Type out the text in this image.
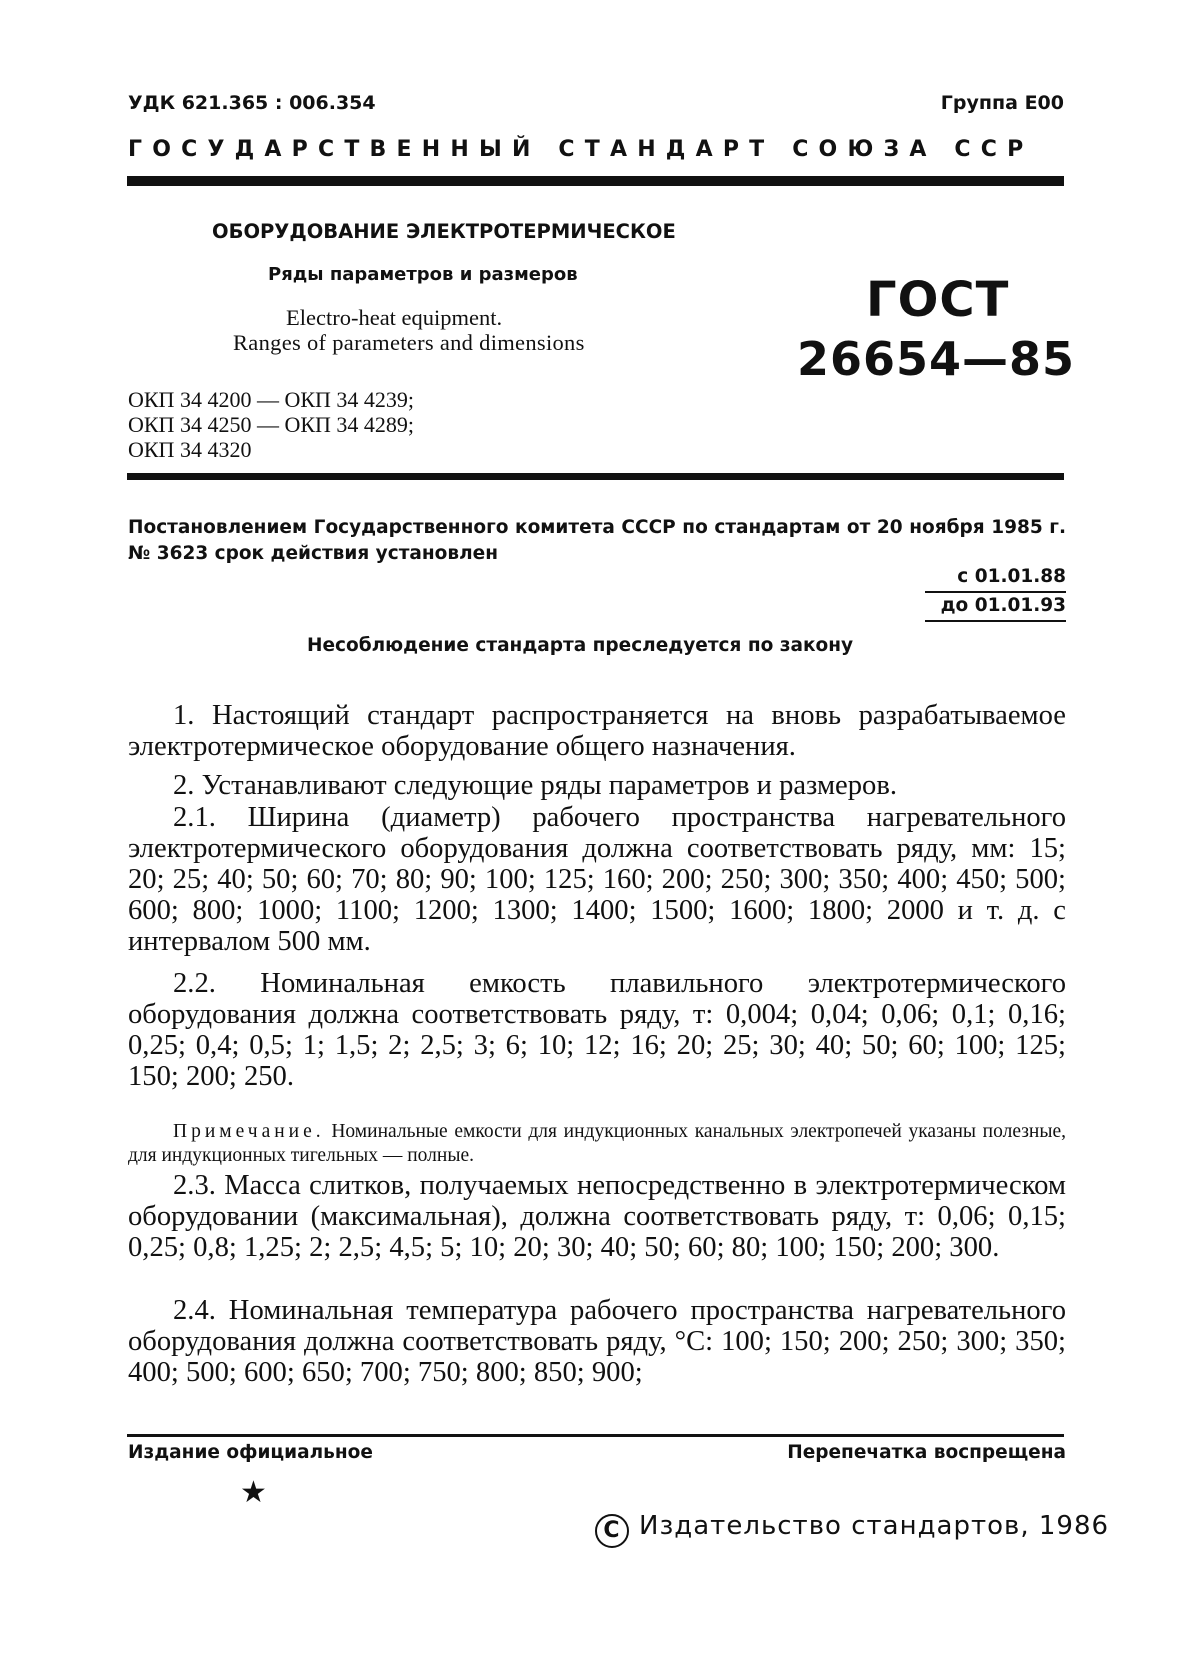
УДК 621.365 : 006.354	Группа Е00
ГОСУДАРСТВЕННЫЙ СТАНДАРТ СОЮЗА ССР
ОБОРУДОВАНИЕ ЭЛЕКТРОТЕРМИЧЕСКОЕ
Ряды параметров и размеров
Electro-heat equipment.
Ranges of parameters and dimensions
ГОСТ
26654—85
ОКП 34 4200 — ОКП 34 4239;
ОКП 34 4250 — ОКП 34 4289;
ОКП 34 4320
Постановлением Государственного комитета СССР по стандартам от 20 ноября 1985 г. № 3623 срок действия установлен
с 01.01.88
до 01.01.93
Несоблюдение стандарта преследуется по закону

1. Настоящий стандарт распространяется на вновь разрабатываемое электротермическое оборудование общего назначения.

2. Устанавливают следующие ряды параметров и размеров.

2.1. Ширина (диаметр) рабочего пространства нагревательного электротермического оборудования должна соответствовать ряду, мм: 15; 20; 25; 40; 50; 60; 70; 80; 90; 100; 125; 160; 200; 250; 300; 350; 400; 450; 500; 600; 800; 1000; 1100; 1200; 1300; 1400; 1500; 1600; 1800; 2000 и т. д. с интервалом 500 мм.

2.2. Номинальная емкость плавильного электротермического оборудования должна соответствовать ряду, т: 0,004; 0,04; 0,06; 0,1; 0,16; 0,25; 0,4; 0,5; 1; 1,5; 2; 2,5; 3; 6; 10; 12; 16; 20; 25; 30; 40; 50; 60; 100; 125; 150; 200; 250.

Примечание. Номинальные емкости для индукционных канальных электропечей указаны полезные, для индукционных тигельных — полные.

2.3. Масса слитков, получаемых непосредственно в электротермическом оборудовании (максимальная), должна соответствовать ряду, т: 0,06; 0,15; 0,25; 0,8; 1,25; 2; 2,5; 4,5; 5; 10; 20; 30; 40; 50; 60; 80; 100; 150; 200; 300.

2.4. Номинальная температура рабочего пространства нагревательного оборудования должна соответствовать ряду, °С: 100; 150; 200; 250; 300; 350; 400; 500; 600; 650; 700; 750; 800; 850; 900;

Издание официальное	Перепечатка воспрещена
★
C Издательство стандартов, 1986
